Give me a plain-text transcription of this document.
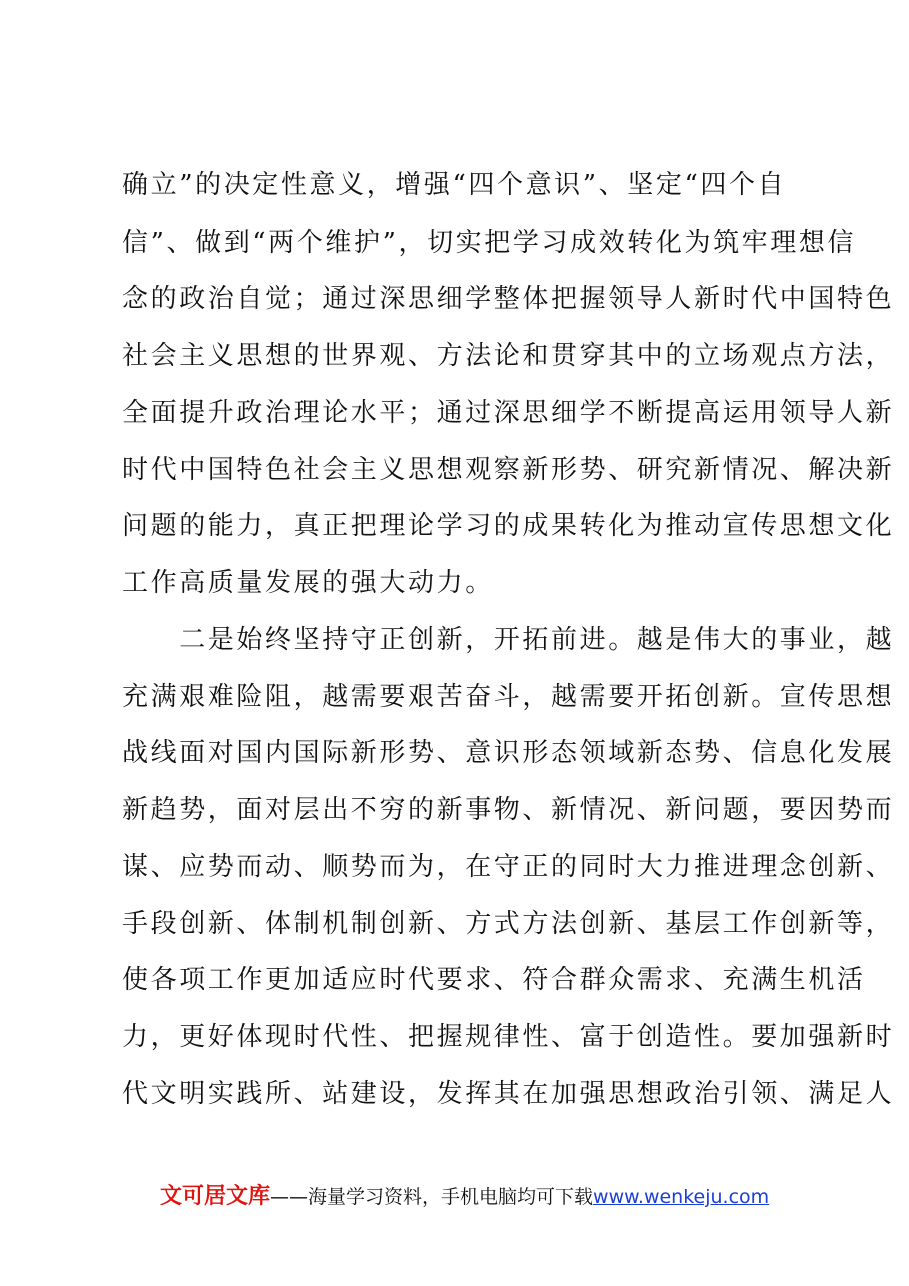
确立”的决定性意义，增强“四个意识”、坚定“四个自
信”、做到“两个维护”，切实把学习成效转化为筑牢理想信
念的政治自觉；通过深思细学整体把握领导人新时代中国特色
社会主义思想的世界观、方法论和贯穿其中的立场观点方法，
全面提升政治理论水平；通过深思细学不断提高运用领导人新
时代中国特色社会主义思想观察新形势、研究新情况、解决新
问题的能力，真正把理论学习的成果转化为推动宣传思想文化
工作高质量发展的强大动力。
　　二是始终坚持守正创新，开拓前进。越是伟大的事业，越
充满艰难险阻，越需要艰苦奋斗，越需要开拓创新。宣传思想
战线面对国内国际新形势、意识形态领域新态势、信息化发展
新趋势，面对层出不穷的新事物、新情况、新问题，要因势而
谋、应势而动、顺势而为，在守正的同时大力推进理念创新、
手段创新、体制机制创新、方式方法创新、基层工作创新等，
使各项工作更加适应时代要求、符合群众需求、充满生机活
力，更好体现时代性、把握规律性、富于创造性。要加强新时
代文明实践所、站建设，发挥其在加强思想政治引领、满足人
文可居文库——海量学习资料，手机电脑均可下载www.wenkeju.com
